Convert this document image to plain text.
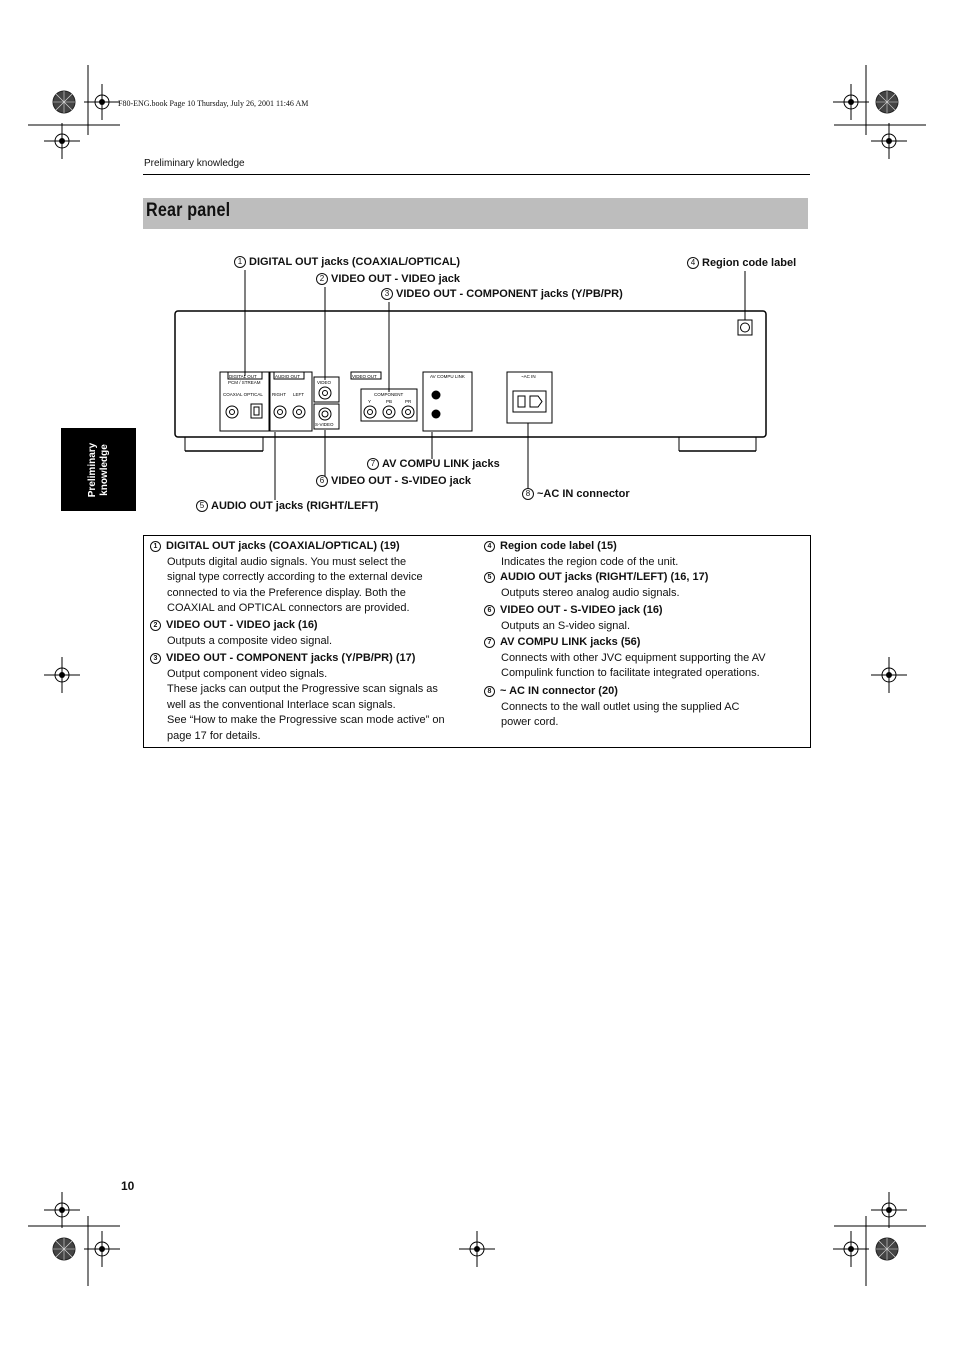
F80-ENG.book Page 10 Thursday, July 26, 2001 11:46 AM
Preliminary knowledge
Rear panel
Preliminary knowledge
DIGITAL OUT
PCM / STREAM
COAXIAL OPTICAL
AUDIO OUT
RIGHT LEFT
VIDEO
S-VIDEO
VIDEO OUT
COMPONENT
Y	PB	PR
AV COMPU LINK	~AC IN
1 DIGITAL OUT jacks (COAXIAL/OPTICAL)
2 VIDEO OUT - VIDEO jack
3 VIDEO OUT - COMPONENT jacks (Y/PB/PR)
4 Region code label
7 AV COMPU LINK jacks
6 VIDEO OUT - S-VIDEO jack
8 ~AC IN connector
5 AUDIO OUT jacks (RIGHT/LEFT)
1 DIGITAL OUT jacks (COAXIAL/OPTICAL) (19)
Outputs digital audio signals. You must select the
signal type correctly according to the external device
connected to via the Preference display. Both the
COAXIAL and OPTICAL connectors are provided.
2 VIDEO OUT - VIDEO jack (16)
Outputs a composite video signal.
3 VIDEO OUT - COMPONENT jacks (Y/PB/PR) (17)
Output component video signals.
These jacks can output the Progressive scan signals as
well as the conventional Interlace scan signals.
See “How to make the Progressive scan mode active” on
page 17 for details.
4 Region code label (15)
Indicates the region code of the unit.
5 AUDIO OUT jacks (RIGHT/LEFT) (16, 17)
Outputs stereo analog audio signals.
6 VIDEO OUT - S-VIDEO jack (16)
Outputs an S-video signal.
7 AV COMPU LINK jacks (56)
Connects with other JVC equipment supporting the AV
Compulink function to facilitate integrated operations.
8 ~ AC IN connector (20)
Connects to the wall outlet using the supplied AC
power cord.
10
